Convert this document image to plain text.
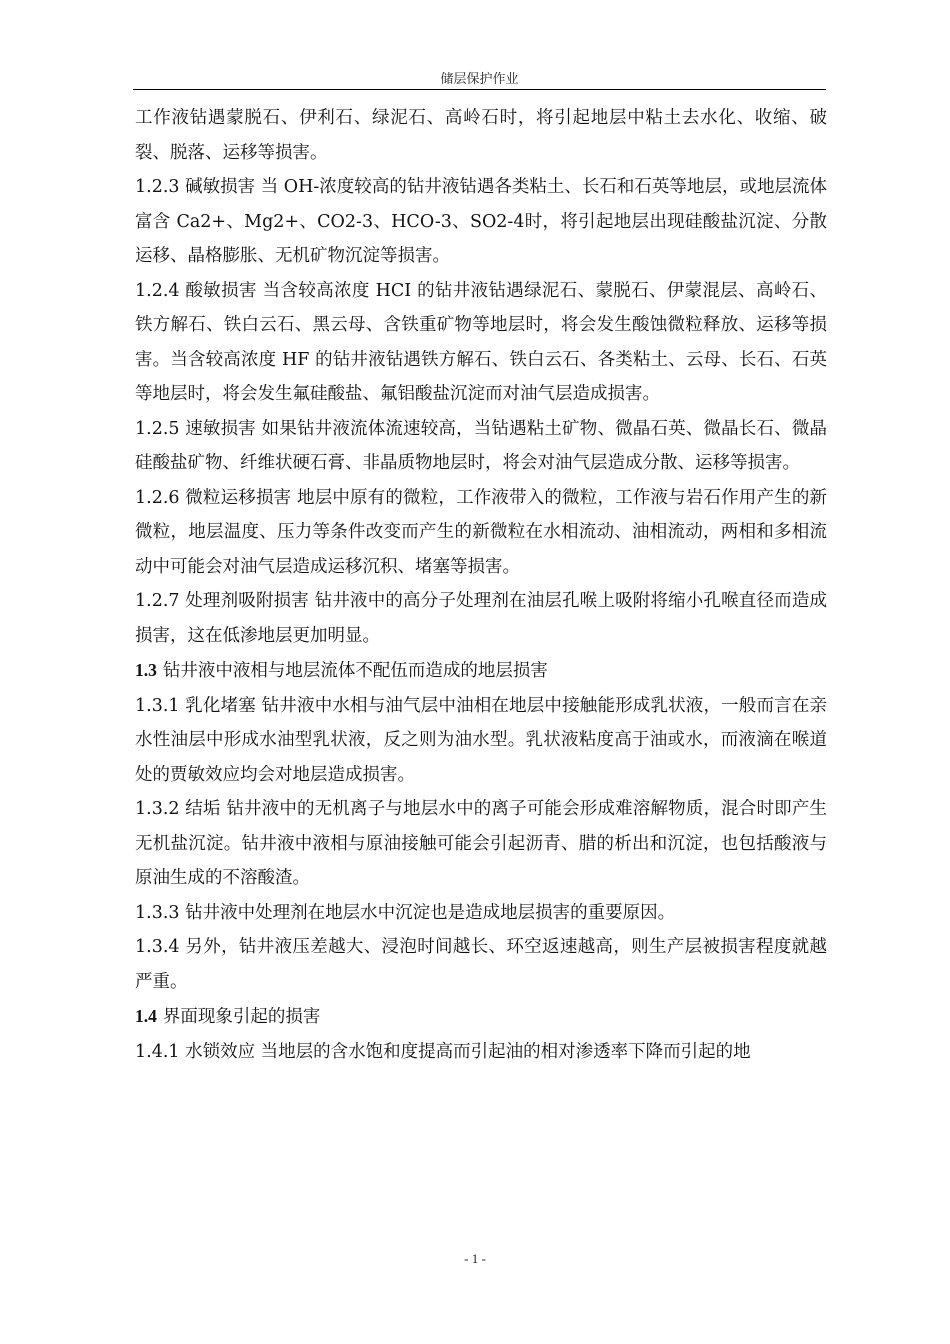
储层保护作业

工作液钻遇蒙脱石、伊利石、绿泥石、高岭石时，将引起地层中粘土去水化、收缩、破裂、脱落、运移等损害。

1.2.3 碱敏损害 当 OH-浓度较高的钻井液钻遇各类粘土、长石和石英等地层，或地层流体富含 Ca2+、Mg2+、CO2-3、HCO-3、SO2-4时，将引起地层出现硅酸盐沉淀、分散运移、晶格膨胀、无机矿物沉淀等损害。

1.2.4 酸敏损害 当含较高浓度 HCI 的钻井液钻遇绿泥石、蒙脱石、伊蒙混层、高岭石、铁方解石、铁白云石、黑云母、含铁重矿物等地层时，将会发生酸蚀微粒释放、运移等损害。当含较高浓度 HF 的钻井液钻遇铁方解石、铁白云石、各类粘土、云母、长石、石英等地层时，将会发生氟硅酸盐、氟铝酸盐沉淀而对油气层造成损害。

1.2.5 速敏损害 如果钻井液流体流速较高，当钻遇粘土矿物、微晶石英、微晶长石、微晶硅酸盐矿物、纤维状硬石膏、非晶质物地层时，将会对油气层造成分散、运移等损害。

1.2.6 微粒运移损害 地层中原有的微粒，工作液带入的微粒，工作液与岩石作用产生的新微粒，地层温度、压力等条件改变而产生的新微粒在水相流动、油相流动，两相和多相流动中可能会对油气层造成运移沉积、堵塞等损害。

1.2.7 处理剂吸附损害 钻井液中的高分子处理剂在油层孔喉上吸附将缩小孔喉直径而造成损害，这在低渗地层更加明显。

1.3 钻井液中液相与地层流体不配伍而造成的地层损害

1.3.1 乳化堵塞 钻井液中水相与油气层中油相在地层中接触能形成乳状液，一般而言在亲水性油层中形成水油型乳状液，反之则为油水型。乳状液粘度高于油或水，而液滴在喉道处的贾敏效应均会对地层造成损害。

1.3.2 结垢 钻井液中的无机离子与地层水中的离子可能会形成难溶解物质，混合时即产生无机盐沉淀。钻井液中液相与原油接触可能会引起沥青、腊的析出和沉淀，也包括酸液与原油生成的不溶酸渣。

1.3.3 钻井液中处理剂在地层水中沉淀也是造成地层损害的重要原因。

1.3.4 另外，钻井液压差越大、浸泡时间越长、环空返速越高，则生产层被损害程度就越严重。

1.4 界面现象引起的损害

1.4.1 水锁效应 当地层的含水饱和度提高而引起油的相对渗透率下降而引起的地

- 1 -
